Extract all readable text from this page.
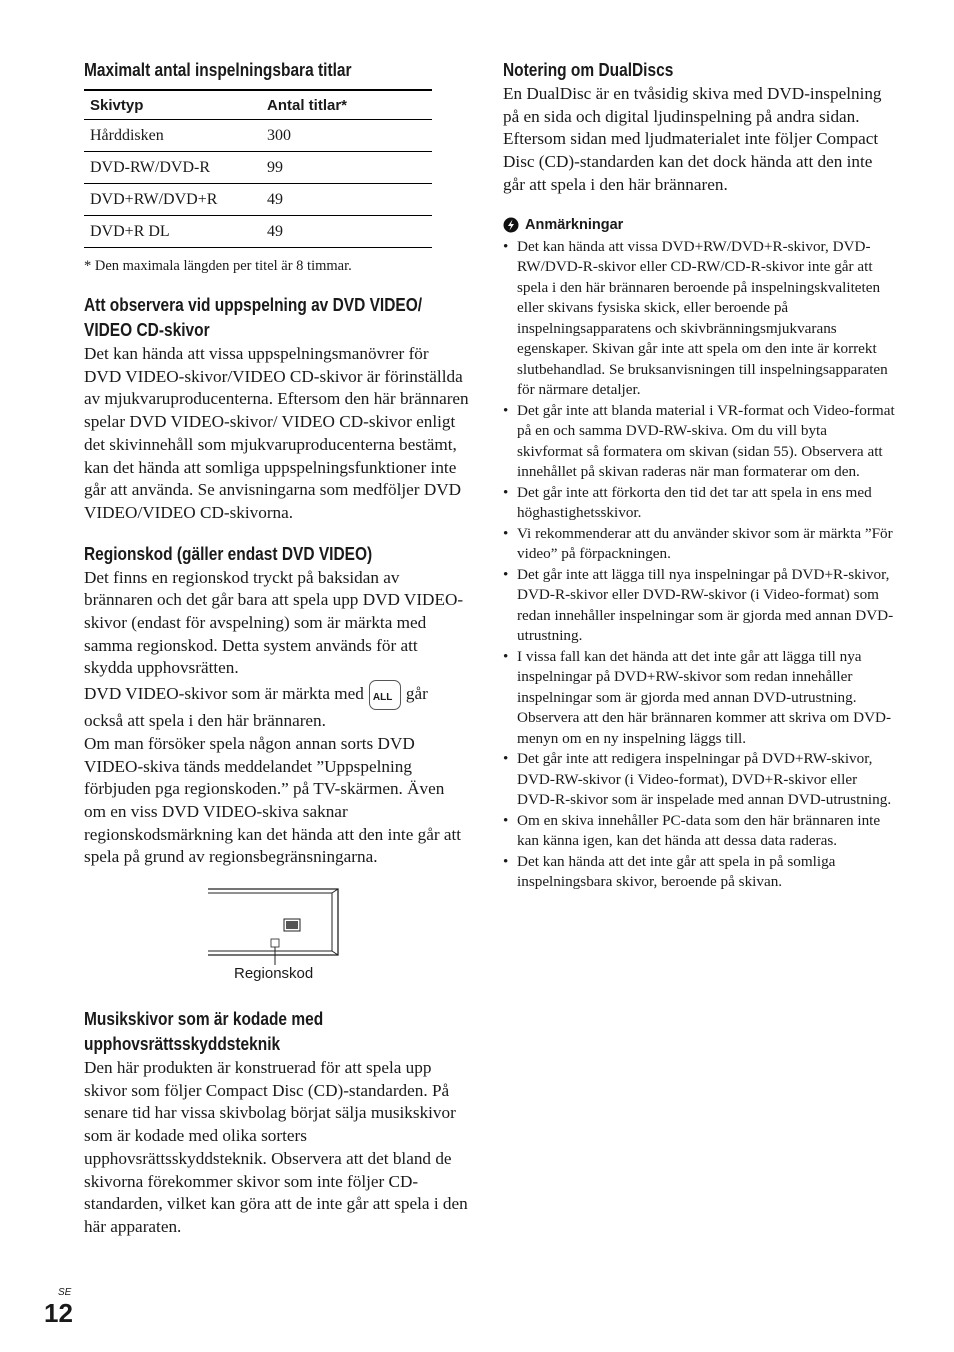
Maximalt antal inspelningsbara titlar
Skivtyp	Antal titlar*
Hårddisken	300
DVD-RW/DVD-R	99
DVD+RW/DVD+R	49
DVD+R DL	49
* Den maximala längden per titel är 8 timmar.
Att observera vid uppspelning av DVD VIDEO/ VIDEO CD-skivor

Det kan hända att vissa uppspelningsmanövrer för DVD VIDEO-skivor/VIDEO CD-skivor är förinställda av mjukvaruproducenterna. Eftersom den här brännaren spelar DVD VIDEO-skivor/ VIDEO CD-skivor enligt det skivinnehåll som mjukvaruproducenterna bestämt, kan det hända att somliga uppspelningsfunktioner inte går att använda. Se anvisningarna som medföljer DVD VIDEO/VIDEO CD-skivorna.

Regionskod (gäller endast DVD VIDEO)

Det finns en regionskod tryckt på baksidan av brännaren och det går bara att spela upp DVD VIDEO-skivor (endast för avspelning) som är märkta med samma regionskod. Detta system används för att skydda upphovsrätten.

DVD VIDEO-skivor som är märkta med ALL går också att spela i den här brännaren.

Om man försöker spela någon annan sorts DVD VIDEO-skiva tänds meddelandet ”Uppspelning förbjuden pga regionskoden.” på TV-skärmen. Även om en viss DVD VIDEO-skiva saknar regionskodsmärkning kan det hända att den inte går att spela på grund av regionsbegränsningarna.

Regionskod
Musikskivor som är kodade med upphovsrättsskyddsteknik

Den här produkten är konstruerad för att spela upp skivor som följer Compact Disc (CD)-standarden. På senare tid har vissa skivbolag börjat sälja musikskivor som är kodade med olika sorters upphovsrättsskyddsteknik. Observera att det bland de skivorna förekommer skivor som inte följer CD-standarden, vilket kan göra att de inte går att spela i den här apparaten.

Notering om DualDiscs

En DualDisc är en tvåsidig skiva med DVD-inspelning på en sida och digital ljudinspelning på andra sidan.

Eftersom sidan med ljudmaterialet inte följer Compact Disc (CD)-standarden kan det dock hända att den inte går att spela i den här brännaren.

Anmärkningar
• Det kan hända att vissa DVD+RW/DVD+R-skivor, DVD-RW/DVD-R-skivor eller CD-RW/CD-R-skivor inte går att spela i den här brännaren beroende på inspelningskvaliteten eller skivans fysiska skick, eller beroende på inspelningsapparatens och skivbränningsmjukvarans egenskaper. Skivan går inte att spela om den inte är korrekt slutbehandlad. Se bruksanvisningen till inspelningsapparaten för närmare detaljer.
• Det går inte att blanda material i VR-format och Video-format på en och samma DVD-RW-skiva. Om du vill byta skivformat så formatera om skivan (sidan 55). Observera att innehållet på skivan raderas när man formaterar om den.
• Det går inte att förkorta den tid det tar att spela in ens med höghastighetsskivor.
• Vi rekommenderar att du använder skivor som är märkta ”För video” på förpackningen.
• Det går inte att lägga till nya inspelningar på DVD+R-skivor, DVD-R-skivor eller DVD-RW-skivor (i Video-format) som redan innehåller inspelningar som är gjorda med annan DVD-utrustning.
• I vissa fall kan det hända att det inte går att lägga till nya inspelningar på DVD+RW-skivor som redan innehåller inspelningar som är gjorda med annan DVD-utrustning. Observera att den här brännaren kommer att skriva om DVD-menyn om en ny inspelning läggs till.
• Det går inte att redigera inspelningar på DVD+RW-skivor, DVD-RW-skivor (i Video-format), DVD+R-skivor eller DVD-R-skivor som är inspelade med annan DVD-utrustning.
• Om en skiva innehåller PC-data som den här brännaren inte kan känna igen, kan det hända att dessa data raderas.
• Det kan hända att det inte går att spela in på somliga inspelningsbara skivor, beroende på skivan.
SE
12
